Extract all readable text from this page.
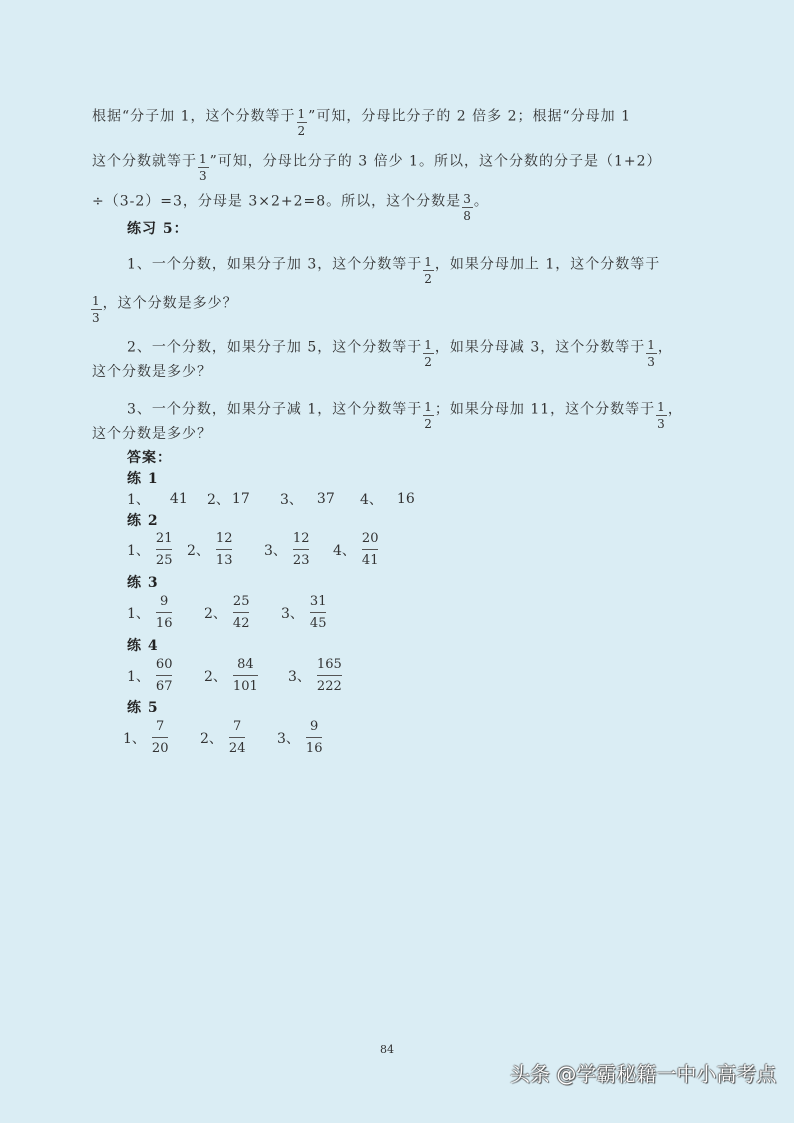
根据“分子加 1，这个分数等于 $\frac{1}{2}$ ”可知，分母比分子的 2 倍多 2；根据“分母加 1
这个分数就等于 $\frac{1}{3}$ ”可知，分母比分子的 3 倍少 1。所以，这个分数的分子是（1+2）
÷（3-2）=3，分母是 3×2+2=8。所以，这个分数是 $\frac{3}{8}$ 。
练习 5：
1、一个分数，如果分子加 3，这个分数等于 $\frac{1}{2}$ ，如果分母加上 1，这个分数等于
$\frac{1}{3}$ ，这个分数是多少？
2、一个分数，如果分子加 5，这个分数等于 $\frac{1}{2}$ ，如果分母减 3，这个分数等于 $\frac{1}{3}$ ，
这个分数是多少？
3、一个分数，如果分子减 1，这个分数等于 $\frac{1}{2}$ ；如果分母加 11，这个分数等于 $\frac{1}{3}$ ，
这个分数是多少？
答案：
练 1
1、 41 2、 17 3、 37 4、 16
练 2
1、 $\frac{21}{25} 2$、 $\frac{12}{13} 3$、 $\frac{12}{23} 4$、 $\frac{20}{41}$
练 3
1、 $\frac{9}{16} 2$、 $\frac{25}{42} 3$、 $\frac{31}{45}$
练 4
1、 $\frac{60}{67} 2$、 $\frac{84}{101} 3$、 $\frac{165}{222}$
练 5
1、 $\frac{7}{20} 2$、 $\frac{7}{24} 3$、 $\frac{9}{16}$
84
头条 @学霸秘籍一中小高考点
